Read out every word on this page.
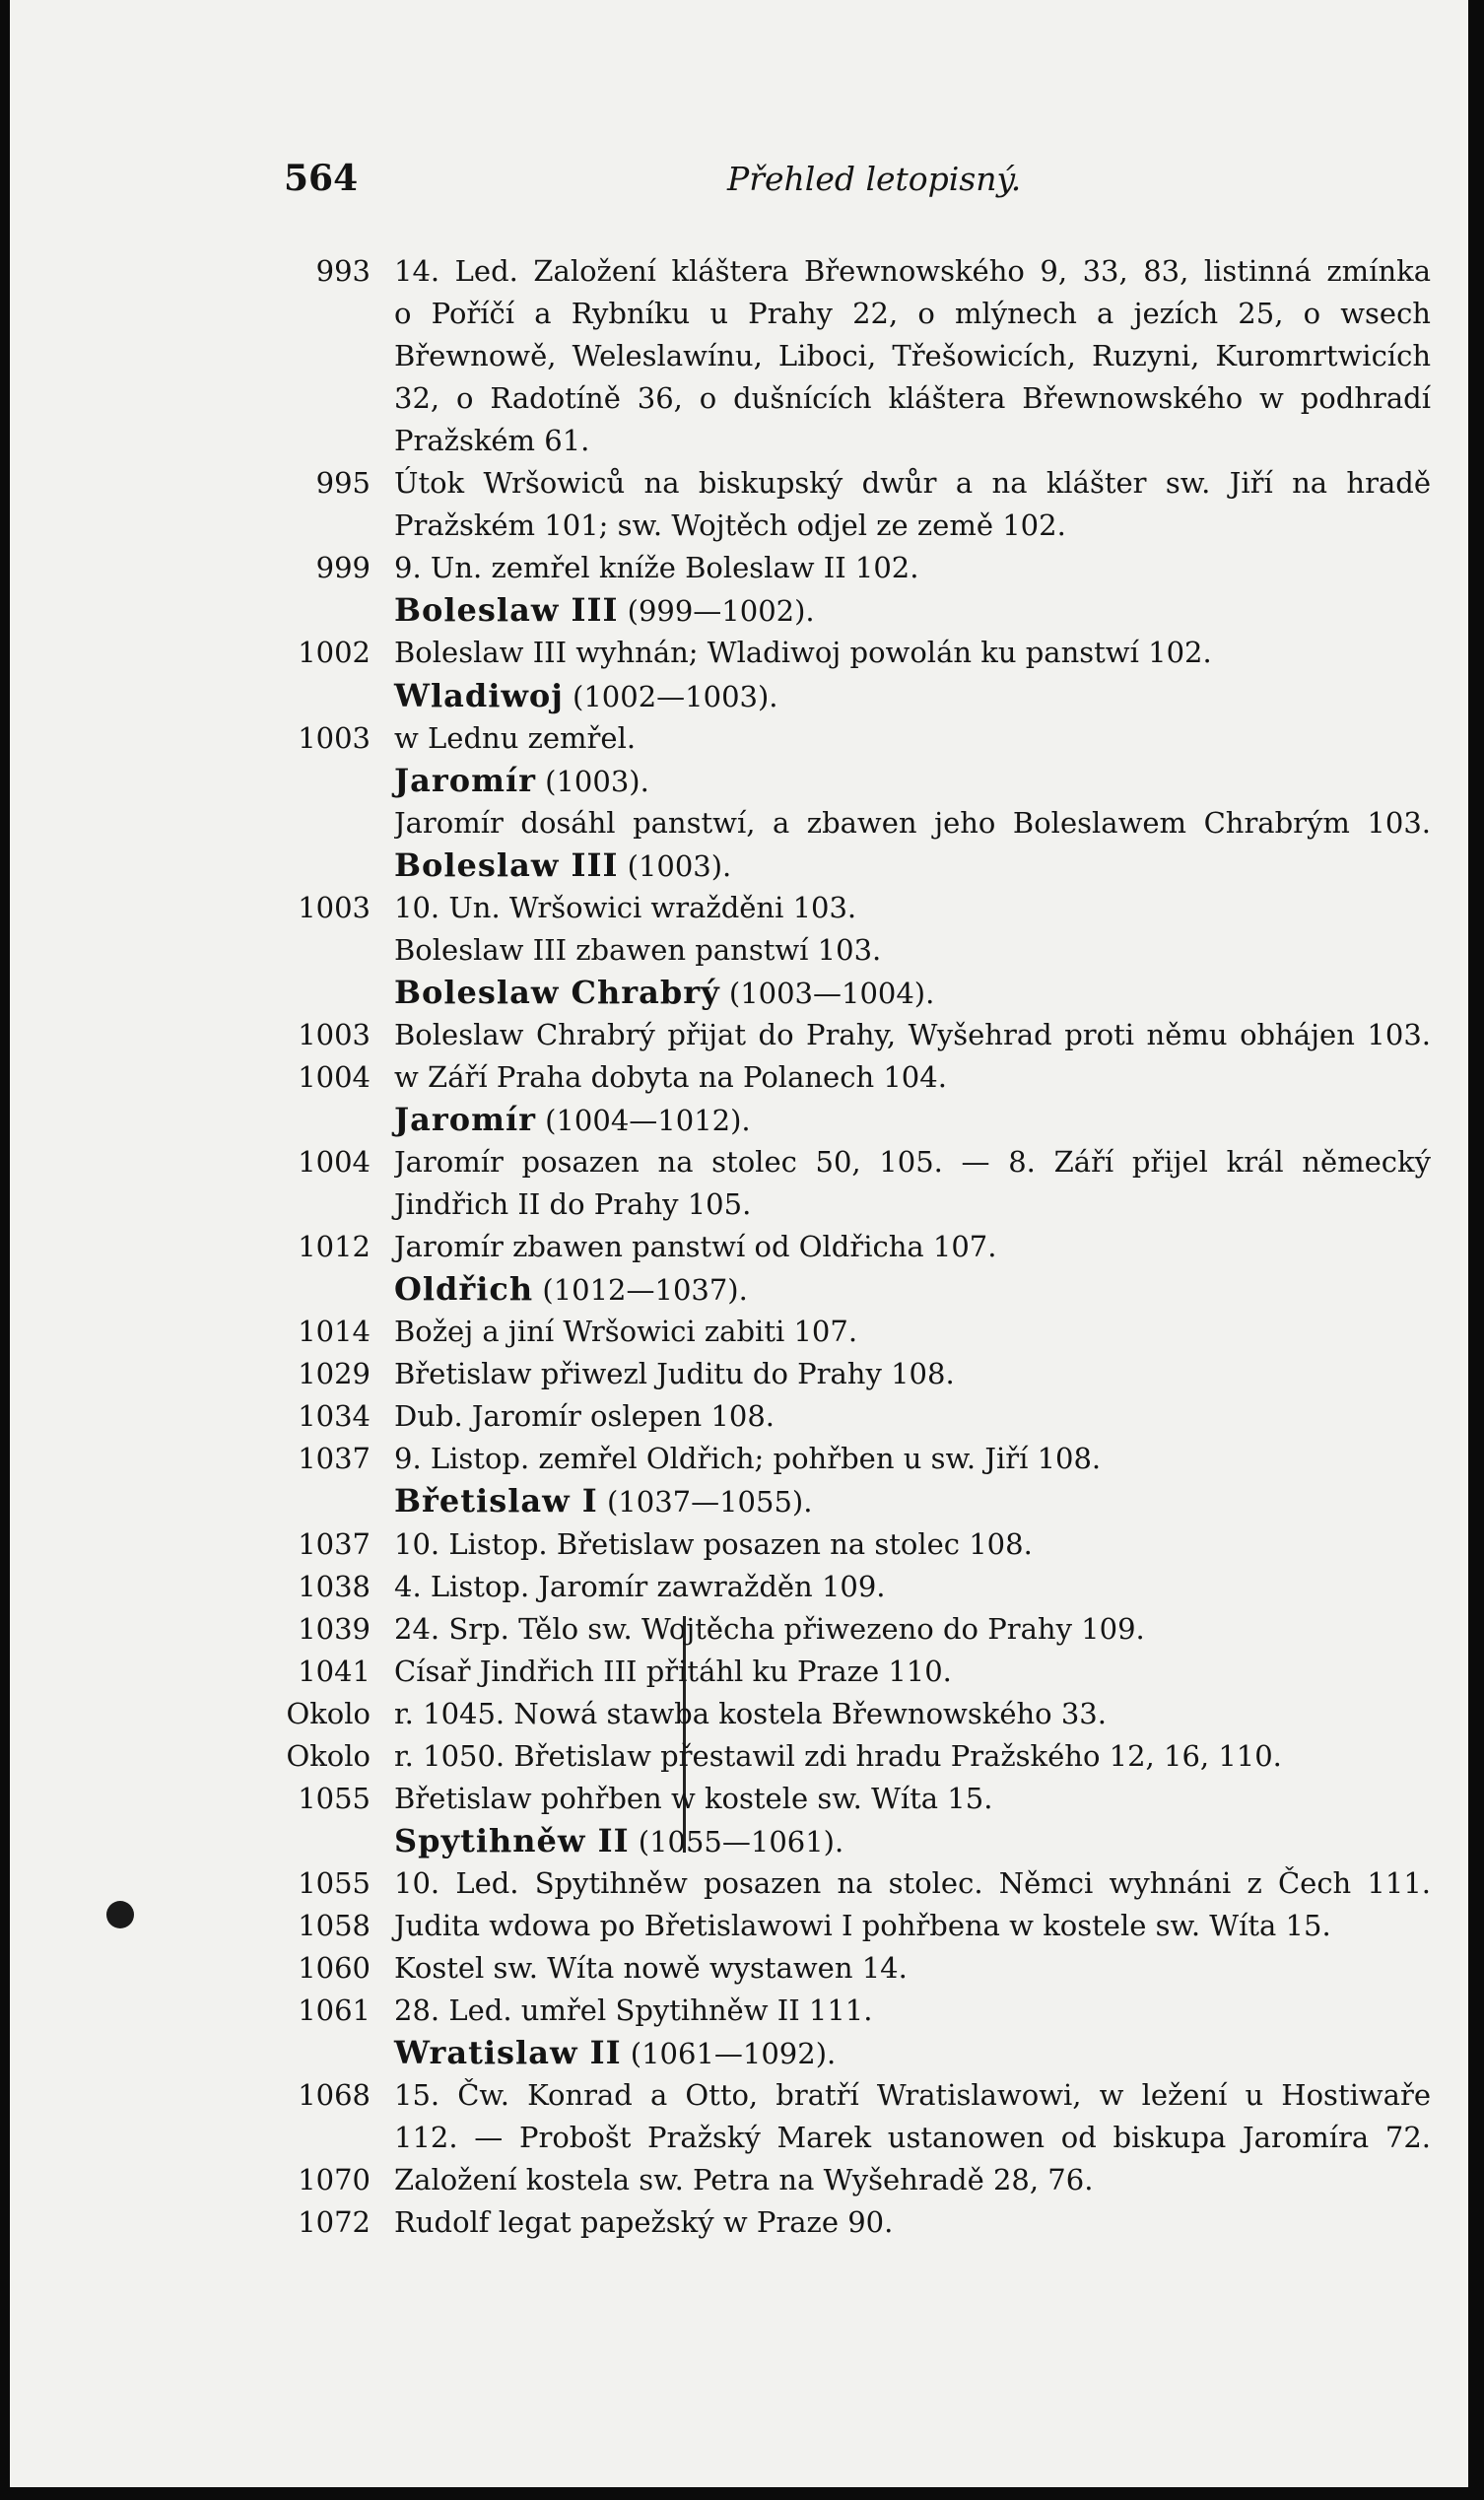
564	Přehled letopisný.
993 14. Led. Založení kláštera Břewnowského 9, 33, 83, listinná zmínka
o Poříčí a Rybníku u Prahy 22, o mlýnech a jezích 25, o wsech
Břewnowě, Weleslawínu, Liboci, Třešowicích, Ruzyni, Kuromrtwicích
32, o Radotíně 36, o dušnících kláštera Břewnowského w podhradí
Pražském 61.
995 Útok Wršowiců na biskupský dwůr a na klášter sw. Jiří na hradě
Pražském 101; sw. Wojtěch odjel ze země 102.
999 9. Un. zemřel kníže Boleslaw II 102.
Boleslaw III (999—1002).
1002 Boleslaw III wyhnán; Wladiwoj powolán ku panstwí 102.
Wladiwoj (1002—1003).
1003 w Lednu zemřel.
Jaromír (1003).
Jaromír dosáhl panstwí, a zbawen jeho Boleslawem Chrabrým 103.
Boleslaw III (1003).
1003 10. Un. Wršowici wražděni 103.
Boleslaw III zbawen panstwí 103.
Boleslaw Chrabrý (1003—1004).
1003 Boleslaw Chrabrý přijat do Prahy, Wyšehrad proti němu obhájen 103.
1004 w Září Praha dobyta na Polanech 104.
Jaromír (1004—1012).
1004 Jaromír posazen na stolec 50, 105. — 8. Září přijel král německý
Jindřich II do Prahy 105.
1012 Jaromír zbawen panstwí od Oldřicha 107.
Oldřich (1012—1037).
1014 Božej a jiní Wršowici zabiti 107.
1029 Břetislaw přiwezl Juditu do Prahy 108.
1034 Dub. Jaromír oslepen 108.
1037 9. Listop. zemřel Oldřich; pohřben u sw. Jiří 108.
Břetislaw I (1037—1055).
1037 10. Listop. Břetislaw posazen na stolec 108.
1038 4. Listop. Jaromír zawražděn 109.
1039 24. Srp. Tělo sw. Wojtěcha přiwezeno do Prahy 109.
1041 Císař Jindřich III přitáhl ku Praze 110.
Okolo r. 1045. Nowá stawba kostela Břewnowského 33.
Okolo r. 1050. Břetislaw přestawil zdi hradu Pražského 12, 16, 110.
1055 Břetislaw pohřben w kostele sw. Wíta 15.
Spytihněw II (1055—1061).
1055 10. Led. Spytihněw posazen na stolec. Němci wyhnáni z Čech 111.
1058 Judita wdowa po Břetislawowi I pohřbena w kostele sw. Wíta 15.
1060 Kostel sw. Wíta nowě wystawen 14.
1061 28. Led. umřel Spytihněw II 111.
Wratislaw II (1061—1092).
1068 15. Čw. Konrad a Otto, bratří Wratislawowi, w ležení u Hostiwaře
112. — Probošt Pražský Marek ustanowen od biskupa Jaromíra 72.
1070 Založení kostela sw. Petra na Wyšehradě 28, 76.
1072 Rudolf legat papežský w Praze 90.
